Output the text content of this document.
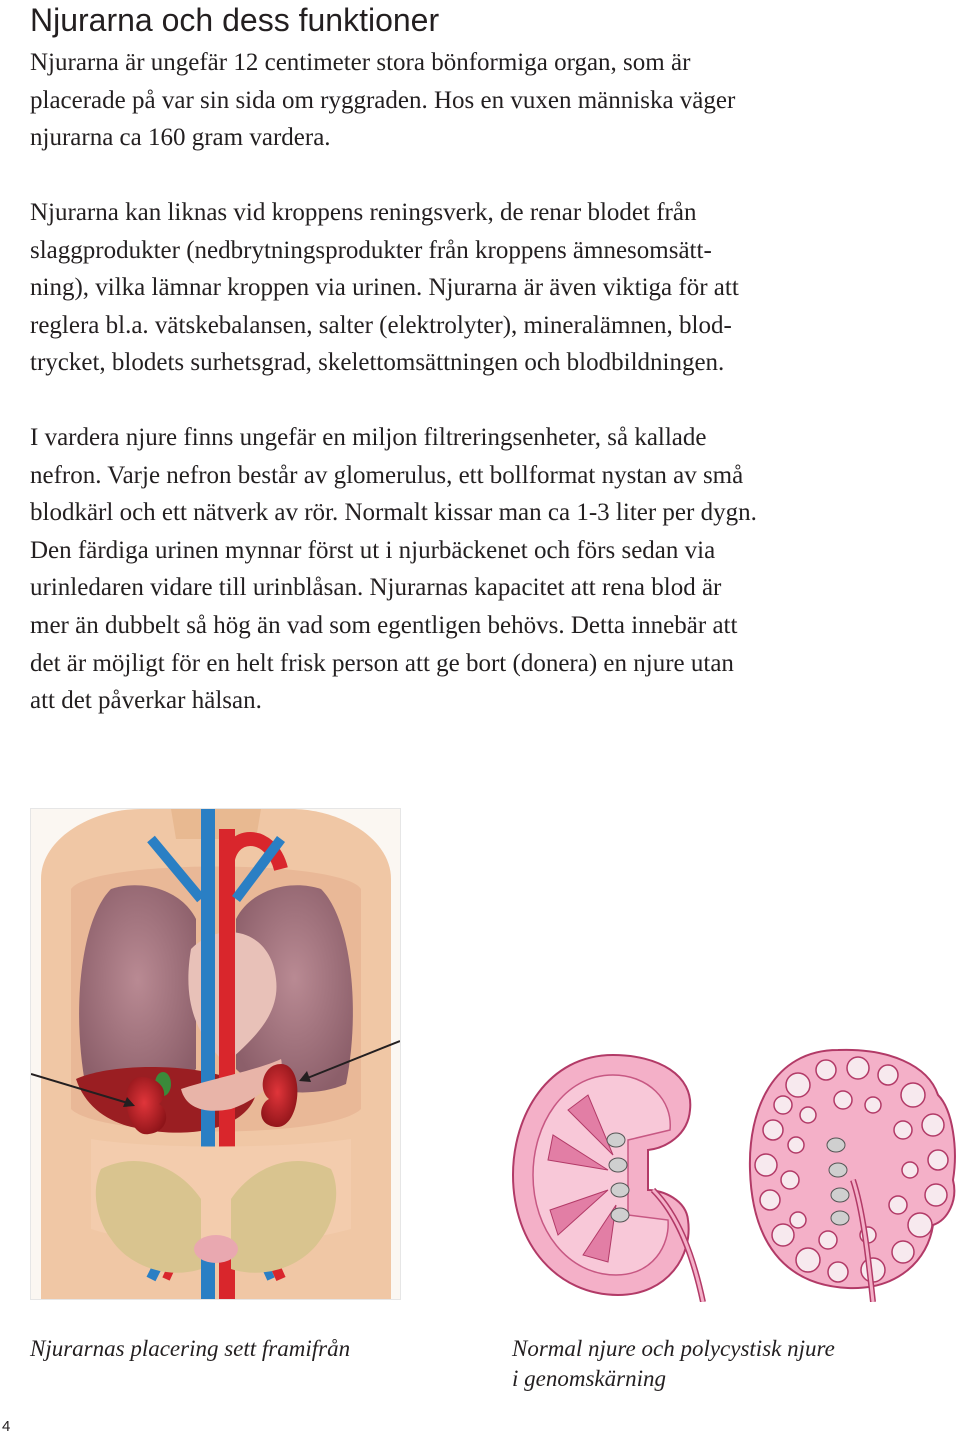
Njurarna och dess funktioner

Njurarna är ungefär 12 centimeter stora bönformiga organ, som är
placerade på var sin sida om ryggraden. Hos en vuxen människa väger
njurarna ca 160 gram vardera.

Njurarna kan liknas vid kroppens reningsverk, de renar blodet från
slaggprodukter (nedbrytningsprodukter från kroppens ämnesomsätt-
ning), vilka lämnar kroppen via urinen. Njurarna är även viktiga för att
reglera bl.a. vätskebalansen, salter (elektrolyter), mineralämnen, blod-
trycket, blodets surhetsgrad, skelettomsättningen och blodbildningen.

I vardera njure finns ungefär en miljon filtreringsenheter, så kallade
nefron. Varje nefron består av glomerulus, ett bollformat nystan av små
blodkärl och ett nätverk av rör. Normalt kissar man ca 1-3 liter per dygn.
Den färdiga urinen mynnar först ut i njurbäckenet och förs sedan via
urinledaren vidare till urinblåsan. Njurarnas kapacitet att rena blod är
mer än dubbelt så hög än vad som egentligen behövs. Detta innebär att
det är möjligt för en helt frisk person att ge bort (donera) en njure utan
att det påverkar hälsan.

Njurarnas placering sett framifrån	Normal njure och polycystisk njure
i genomskärning

4
